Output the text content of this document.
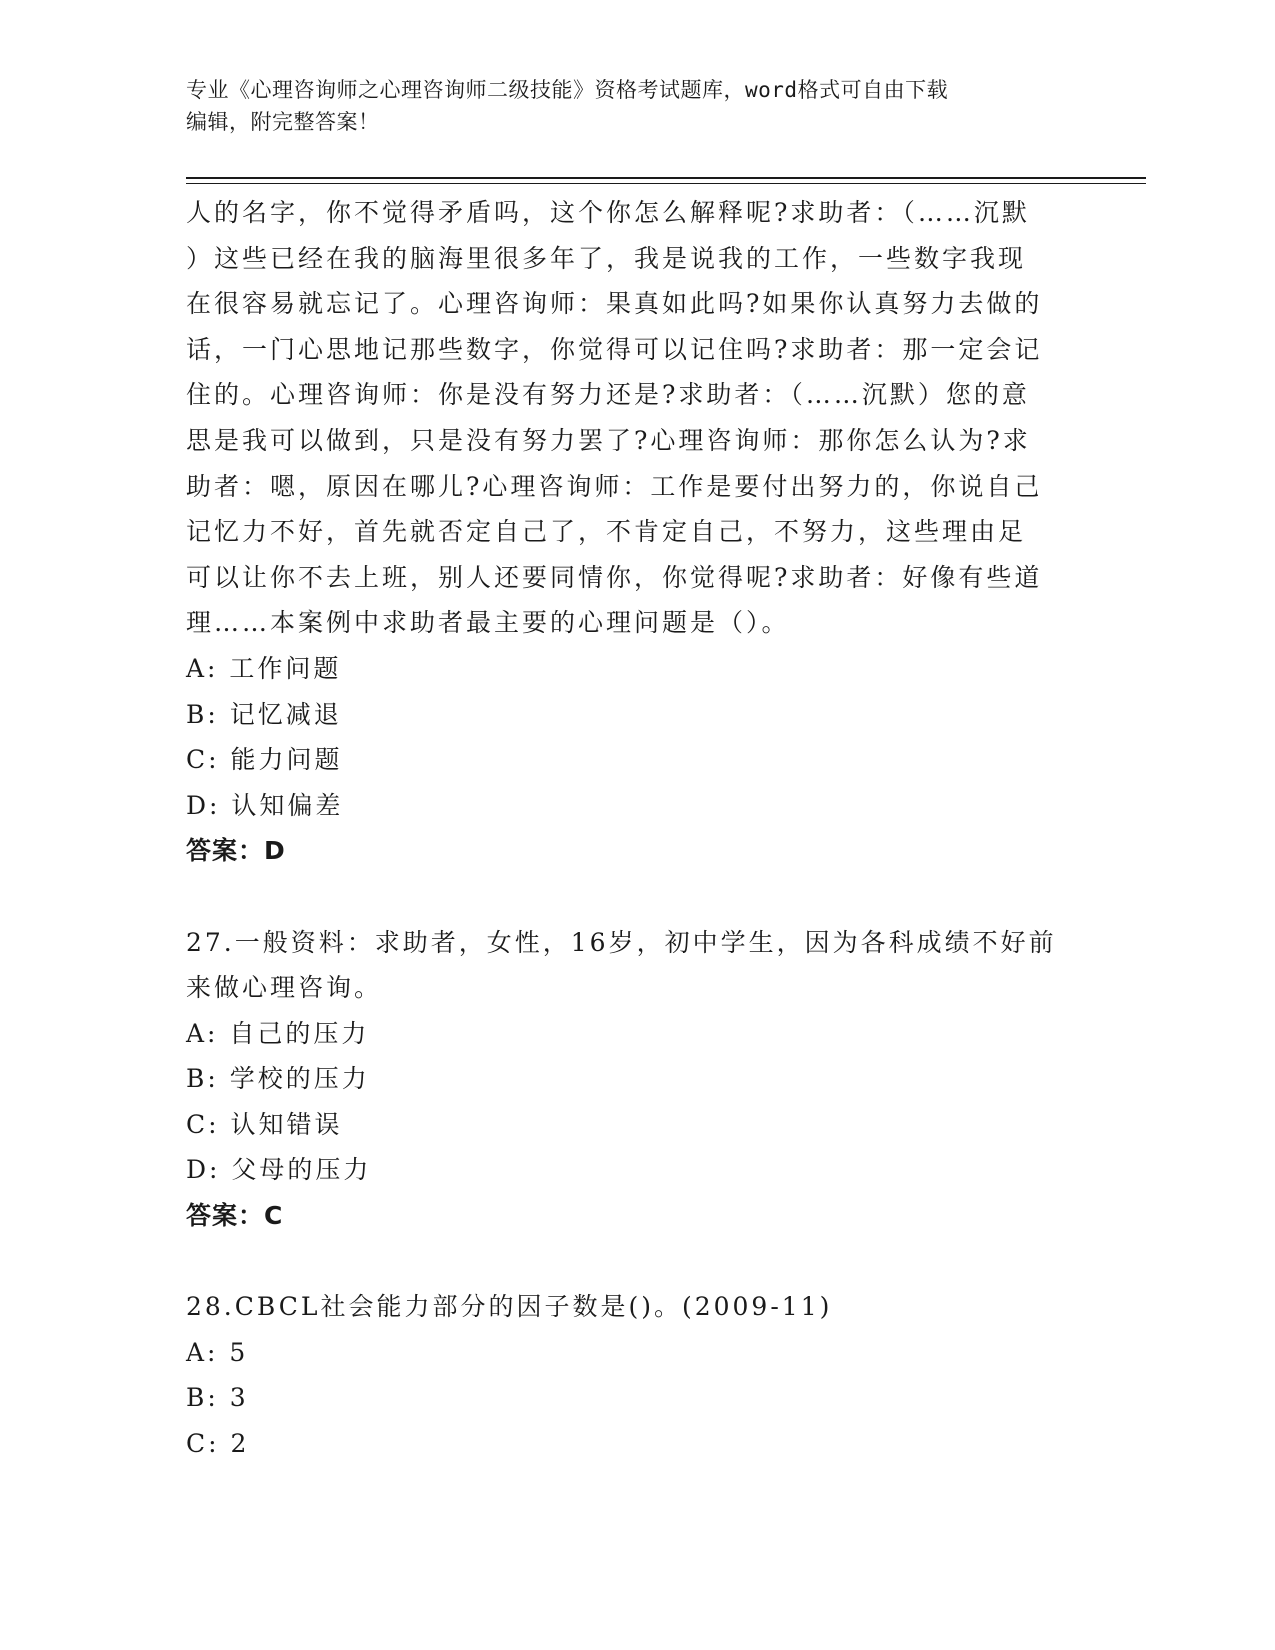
专业《心理咨询师之心理咨询师二级技能》资格考试题库，word格式可自由下载
编辑，附完整答案！
人的名字，你不觉得矛盾吗，这个你怎么解释呢?求助者：（……沉默
）这些已经在我的脑海里很多年了，我是说我的工作，一些数字我现
在很容易就忘记了。心理咨询师：果真如此吗?如果你认真努力去做的
话，一门心思地记那些数字，你觉得可以记住吗?求助者：那一定会记
住的。心理咨询师：你是没有努力还是?求助者：（……沉默）您的意
思是我可以做到，只是没有努力罢了?心理咨询师：那你怎么认为?求
助者：嗯，原因在哪儿?心理咨询师：工作是要付出努力的，你说自己
记忆力不好，首先就否定自己了，不肯定自己，不努力，这些理由足
可以让你不去上班，别人还要同情你，你觉得呢?求助者：好像有些道
理……本案例中求助者最主要的心理问题是（）。
A: 工作问题
B: 记忆减退
C: 能力问题
D: 认知偏差
答案：D
27.一般资料：求助者，女性，16岁，初中学生，因为各科成绩不好前
来做心理咨询。
A: 自己的压力
B: 学校的压力
C: 认知错误
D: 父母的压力
答案：C
28.CBCL社会能力部分的因子数是()。(2009-11)
A: 5
B: 3
C: 2
